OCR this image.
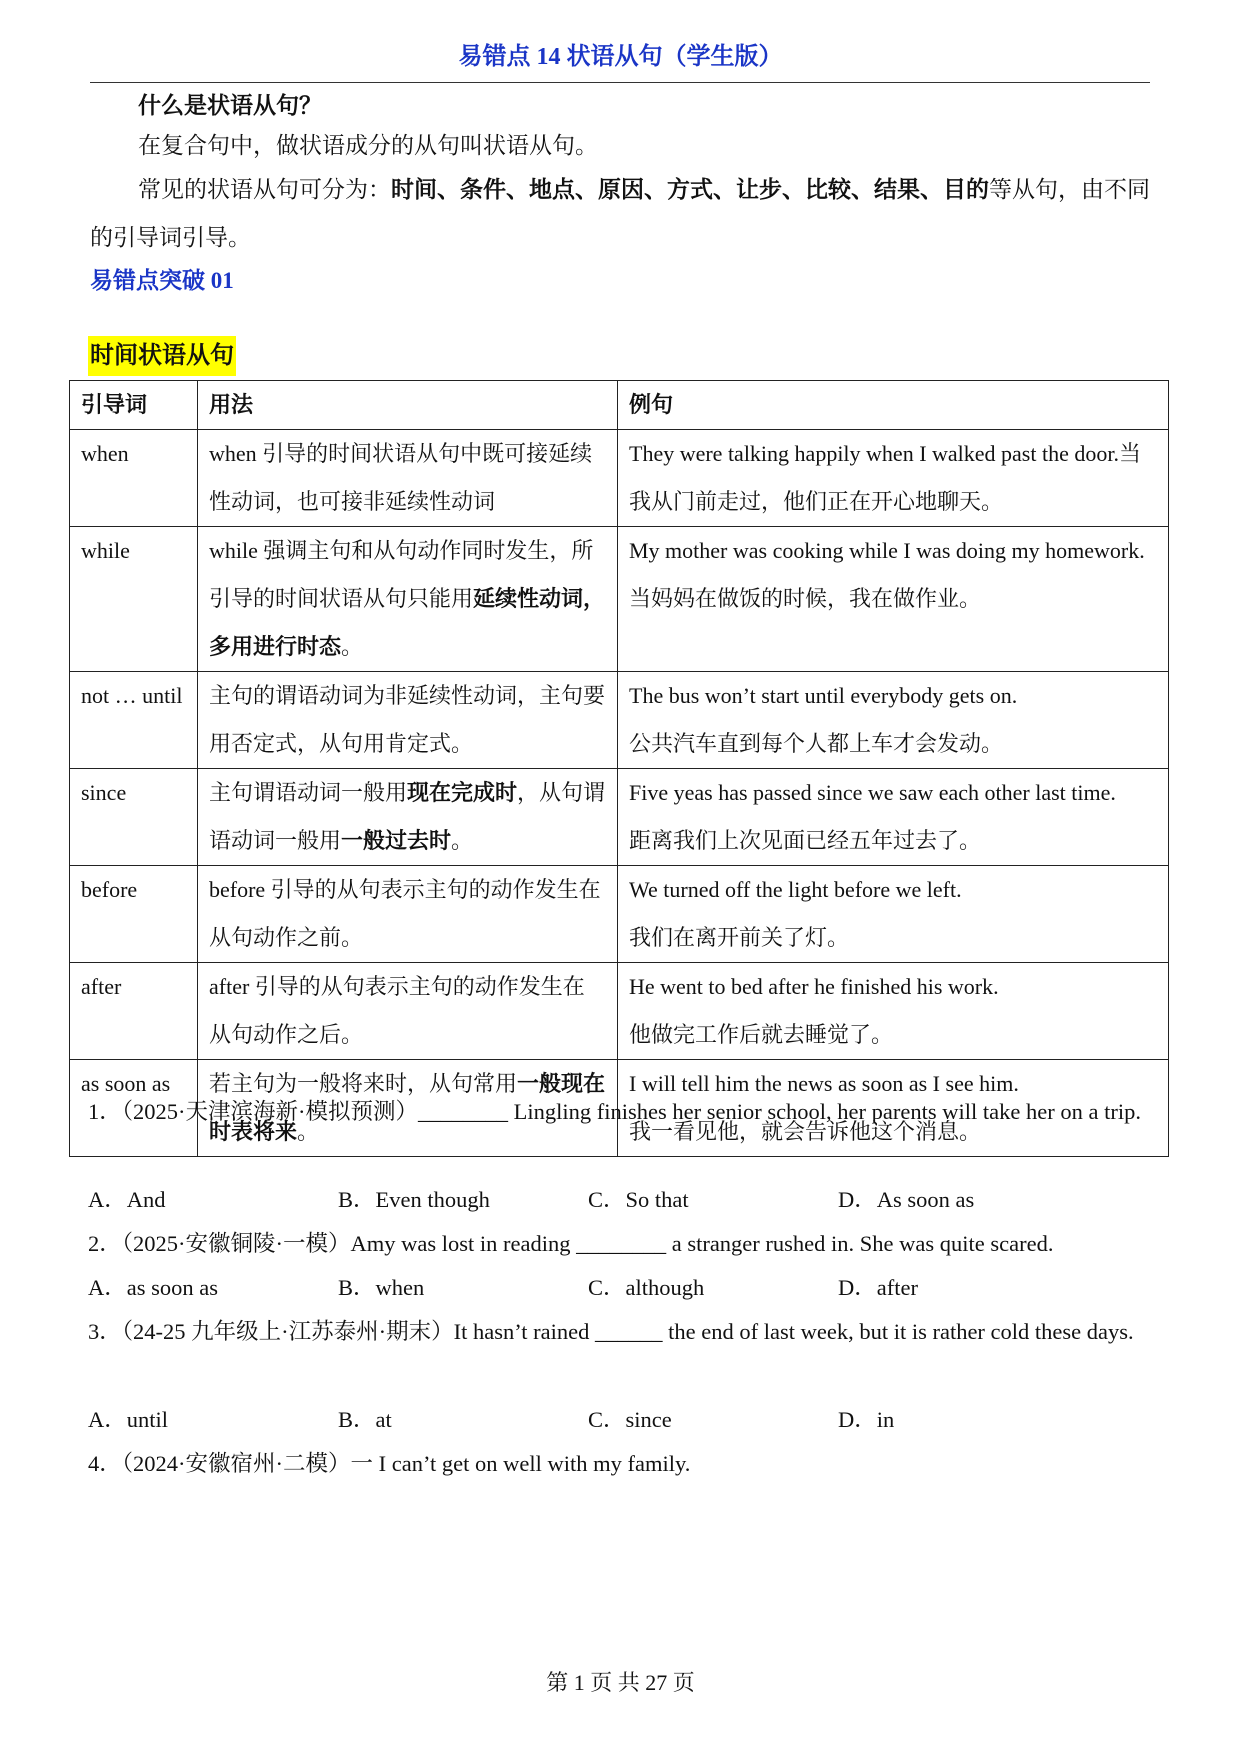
易错点 14 状语从句（学生版）
什么是状语从句？
在复合句中，做状语成分的从句叫状语从句。
常见的状语从句可分为：时间、条件、地点、原因、方式、让步、比较、结果、目的等从句，由不同的引导词引导。
易错点突破 01
时间状语从句
引导词	用法	例句
when	when 引导的时间状语从句中既可接延续性动词，也可接非延续性动词	They were talking happily when I walked past the door.当我从门前走过，他们正在开心地聊天。

while	while 强调主句和从句动作同时发生，所引导的时间状语从句只能用延续性动词，多用进行时态。	My mother was cooking while I was doing my homework.
当妈妈在做饭的时候，我在做作业。

not … until	主句的谓语动词为非延续性动词，主句要用否定式，从句用肯定式。	The bus won’t start until everybody gets on.
公共汽车直到每个人都上车才会发动。

since	主句谓语动词一般用现在完成时，从句谓语动词一般用一般过去时。	Five yeas has passed since we saw each other last time.
距离我们上次见面已经五年过去了。

before	before 引导的从句表示主句的动作发生在从句动作之前。	We turned off the light before we left.
我们在离开前关了灯。

after	after 引导的从句表示主句的动作发生在从句动作之后。	He went to bed after he finished his work.
他做完工作后就去睡觉了。

as soon as	若主句为一般将来时，从句常用一般现在时表将来。	I will tell him the news as soon as I see him.
我一看见他，就会告诉他这个消息。
1．（2025·天津滨海新·模拟预测）________ Lingling finishes her senior school, her parents will take her on a trip.
A．And	B．Even though	C．So that	D．As soon as
2．（2025·安徽铜陵·一模）Amy was lost in reading ________ a stranger rushed in. She was quite scared.
A．as soon as	B．when	C．although	D．after
3．（24-25 九年级上·江苏泰州·期末）It hasn’t rained ______ the end of last week, but it is rather cold these days.
A．until	B．at	C．since	D．in
4．（2024·安徽宿州·二模）一 I can’t get on well with my family.
第 1 页 共 27 页
